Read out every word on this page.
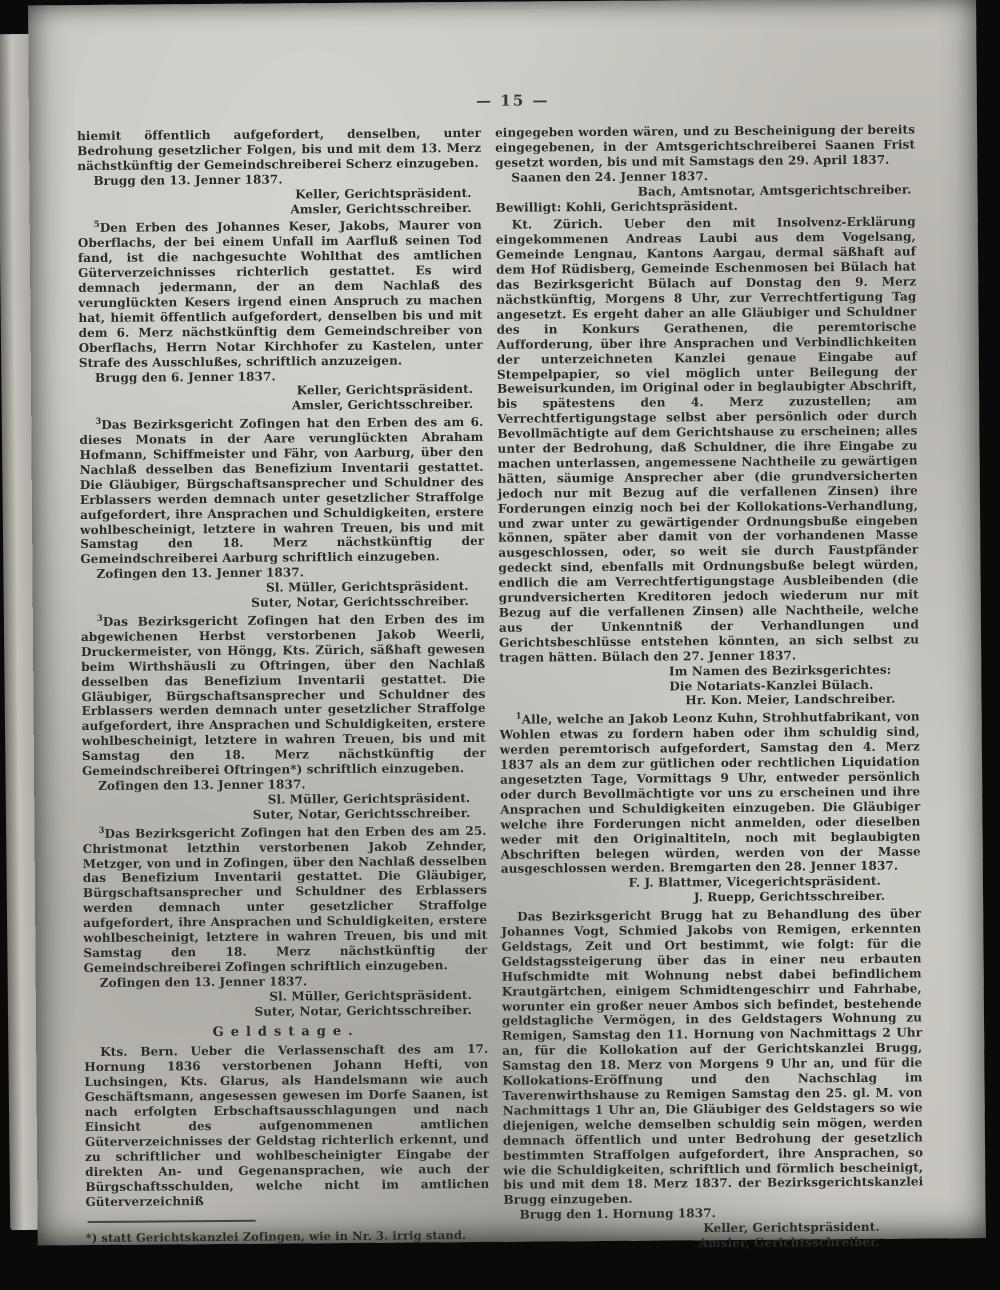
— 15 —

hiemit öffentlich aufgefordert, denselben, unter Bedrohung gesetzlicher Folgen, bis und mit dem 13. Merz nächstkünftig der Gemeindschreiberei Scherz einzugeben.

Brugg den 13. Jenner 1837.

Keller, Gerichtspräsident.

Amsler, Gerichtsschreiber.

$^5$Den Erben des Johannes Keser, Jakobs, Maurer von Oberflachs, der bei einem Unfall im Aarfluß seinen Tod fand, ist die nachgesuchte Wohlthat des amtlichen Güterverzeichnisses richterlich gestattet. Es wird demnach jedermann, der an dem Nachlaß des verunglückten Kesers irgend einen Anspruch zu machen hat, hiemit öffentlich aufgefordert, denselben bis und mit dem 6. Merz nächstkünftig dem Gemeindschreiber von Oberflachs, Herrn Notar Kirchhofer zu Kastelen, unter Strafe des Ausschlußes, schriftlich anzuzeigen.

Brugg den 6. Jenner 1837.

Keller, Gerichtspräsident.

Amsler, Gerichtsschreiber.

$^3$Das Bezirksgericht Zofingen hat den Erben des am 6. dieses Monats in der Aare verunglückten Abraham Hofmann, Schiffmeister und Fähr, von Aarburg, über den Nachlaß desselben das Benefizium Inventarii gestattet. Die Gläubiger, Bürgschaftsansprecher und Schuldner des Erblassers werden demnach unter gesetzlicher Straffolge aufgefordert, ihre Ansprachen und Schuldigkeiten, erstere wohlbescheinigt, letztere in wahren Treuen, bis und mit Samstag den 18. Merz nächstkünftig der Gemeindschreiberei Aarburg schriftlich einzugeben.

Zofingen den 13. Jenner 1837.

Sl. Müller, Gerichtspräsident.

Suter, Notar, Gerichtsschreiber.

$^3$Das Bezirksgericht Zofingen hat den Erben des im abgewichenen Herbst verstorbenen Jakob Weerli, Druckermeister, von Höngg, Kts. Zürich, säßhaft gewesen beim Wirthshäusli zu Oftringen, über den Nachlaß desselben das Benefizium Inventarii gestattet. Die Gläubiger, Bürgschaftsansprecher und Schuldner des Erblassers werden demnach unter gesetzlicher Straffolge aufgefordert, ihre Ansprachen und Schuldigkeiten, erstere wohlbescheinigt, letztere in wahren Treuen, bis und mit Samstag den 18. Merz nächstkünftig der Gemeindschreiberei Oftringen*) schriftlich einzugeben.

Zofingen den 13. Jenner 1837.

Sl. Müller, Gerichtspräsident.

Suter, Notar, Gerichtsschreiber.

$^3$Das Bezirksgericht Zofingen hat den Erben des am 25. Christmonat letzthin verstorbenen Jakob Zehnder, Metzger, von und in Zofingen, über den Nachlaß desselben das Benefizium Inventarii gestattet. Die Gläubiger, Bürgschaftsansprecher und Schuldner des Erblassers werden demnach unter gesetzlicher Straffolge aufgefordert, ihre Ansprachen und Schuldigkeiten, erstere wohlbescheinigt, letztere in wahren Treuen, bis und mit Samstag den 18. Merz nächstkünftig der Gemeindschreiberei Zofingen schriftlich einzugeben.

Zofingen den 13. Jenner 1837.

Sl. Müller, Gerichtspräsident.

Suter, Notar, Gerichtsschreiber.

Geldstage.

Kts. Bern. Ueber die Verlassenschaft des am 17. Hornung 1836 verstorbenen Johann Hefti, von Luchsingen, Kts. Glarus, als Handelsmann wie auch Geschäftsmann, angesessen gewesen im Dorfe Saanen, ist nach erfolgten Erbschaftsausschlagungen und nach Einsicht des aufgenommenen amtlichen Güterverzeichnisses der Geldstag richterlich erkennt, und zu schriftlicher und wohlbescheinigter Eingabe der direkten An- und Gegenansprachen, wie auch der Bürgschaftsschulden, welche nicht im amtlichen Güterverzeichniß

*) statt Gerichtskanzlei Zofingen, wie in Nr. 3. irrig stand.

eingegeben worden wären, und zu Bescheinigung der bereits eingegebenen, in der Amtsgerichtschreiberei Saanen Frist gesetzt worden, bis und mit Samstags den 29. April 1837.

Saanen den 24. Jenner 1837.

Bach, Amtsnotar, Amtsgerichtschreiber.

Bewilligt: Kohli, Gerichtspräsident.

Kt. Zürich. Ueber den mit Insolvenz-Erklärung eingekommenen Andreas Laubi aus dem Vogelsang, Gemeinde Lengnau, Kantons Aargau, dermal säßhaft auf dem Hof Rüdisberg, Gemeinde Eschenmosen bei Bülach hat das Bezirksgericht Bülach auf Donstag den 9. Merz nächstkünftig, Morgens 8 Uhr, zur Verrechtfertigung Tag angesetzt. Es ergeht daher an alle Gläubiger und Schuldner des in Konkurs Gerathenen, die peremtorische Aufforderung, über ihre Ansprachen und Verbindlichkeiten der unterzeichneten Kanzlei genaue Eingabe auf Stempelpapier, so viel möglich unter Beilegung der Beweisurkunden, im Original oder in beglaubigter Abschrift, bis spätestens den 4. Merz zuzustellen; am Verrechtfertigungstage selbst aber persönlich oder durch Bevollmächtigte auf dem Gerichtshause zu erscheinen; alles unter der Bedrohung, daß Schuldner, die ihre Eingabe zu machen unterlassen, angemessene Nachtheile zu gewärtigen hätten, säumige Ansprecher aber (die grundversicherten jedoch nur mit Bezug auf die verfallenen Zinsen) ihre Forderungen einzig noch bei der Kollokations-Verhandlung, und zwar unter zu gewärtigender Ordnungsbuße eingeben können, später aber damit von der vorhandenen Masse ausgeschlossen, oder, so weit sie durch Faustpfänder gedeckt sind, ebenfalls mit Ordnungsbuße belegt würden, endlich die am Verrechtfertigungstage Ausbleibenden (die grundversicherten Kreditoren jedoch wiederum nur mit Bezug auf die verfallenen Zinsen) alle Nachtheile, welche aus der Unkenntniß der Verhandlungen und Gerichtsbeschlüsse entstehen könnten, an sich selbst zu tragen hätten. Bülach den 27. Jenner 1837.

Im Namen des Bezirksgerichtes:

Die Notariats-Kanzlei Bülach.

Hr. Kon. Meier, Landschreiber.

$^1$Alle, welche an Jakob Leonz Kuhn, Strohhutfabrikant, von Wohlen etwas zu fordern haben oder ihm schuldig sind, werden peremtorisch aufgefordert, Samstag den 4. Merz 1837 als an dem zur gütlichen oder rechtlichen Liquidation angesetzten Tage, Vormittags 9 Uhr, entweder persönlich oder durch Bevollmächtigte vor uns zu erscheinen und ihre Ansprachen und Schuldigkeiten einzugeben. Die Gläubiger welche ihre Forderungen nicht anmelden, oder dieselben weder mit den Originaltiteln, noch mit beglaubigten Abschriften belegen würden, werden von der Masse ausgeschlossen werden. Bremgarten den 28. Jenner 1837.

F. J. Blattmer, Vicegerichtspräsident.

J. Ruepp, Gerichtsschreiber.

Das Bezirksgericht Brugg hat zu Behandlung des über Johannes Vogt, Schmied Jakobs von Remigen, erkennten Geldstags, Zeit und Ort bestimmt, wie folgt: für die Geldstagssteigerung über das in einer neu erbauten Hufschmidte mit Wohnung nebst dabei befindlichem Krautgärtchen, einigem Schmidtengeschirr und Fahrhabe, worunter ein großer neuer Ambos sich befindet, bestehende geldstagliche Vermögen, in des Geldstagers Wohnung zu Remigen, Samstag den 11. Hornung von Nachmittags 2 Uhr an, für die Kollokation auf der Gerichtskanzlei Brugg, Samstag den 18. Merz von Morgens 9 Uhr an, und für die Kollokations-Eröffnung und den Nachschlag im Taverenwirthshause zu Remigen Samstag den 25. gl. M. von Nachmittags 1 Uhr an, Die Gläubiger des Geldstagers so wie diejenigen, welche demselben schuldig sein mögen, werden demnach öffentlich und unter Bedrohung der gesetzlich bestimmten Straffolgen aufgefordert, ihre Ansprachen, so wie die Schuldigkeiten, schriftlich und förmlich bescheinigt, bis und mit dem 18. Merz 1837. der Bezirksgerichtskanzlei Brugg einzugeben.

Brugg den 1. Hornung 1837.

Keller, Gerichtspräsident.

Amsler, Gerichtsschreiber.
